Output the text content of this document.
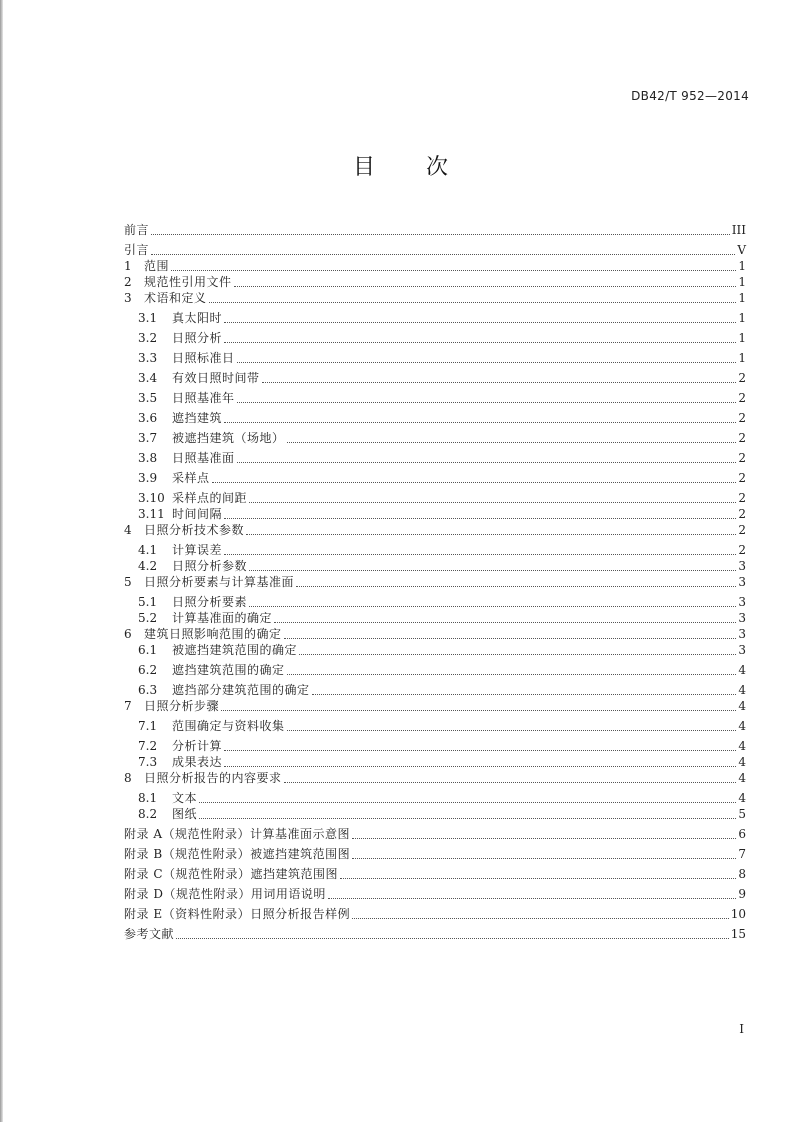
DB42/T 952—2014
目 次
前言	III
引言	V
1	范围	1
2	规范性引用文件	1
3	术语和定义	1
3.1	真太阳时	1
3.2	日照分析	1
3.3	日照标准日	1
3.4	有效日照时间带	2
3.5	日照基准年	2
3.6	遮挡建筑	2
3.7	被遮挡建筑（场地）	2
3.8	日照基准面	2
3.9	采样点	2
3.10 采样点的间距	2
3.11 时间间隔	2
4	日照分析技术参数	2
4.1	计算误差	2
4.2	日照分析参数	3
5	日照分析要素与计算基准面	3
5.1	日照分析要素	3
5.2	计算基准面的确定	3
6	建筑日照影响范围的确定	3
6.1	被遮挡建筑范围的确定	3
6.2	遮挡建筑范围的确定	4
6.3	遮挡部分建筑范围的确定	4
7	日照分析步骤	4
7.1	范围确定与资料收集	4
7.2	分析计算	4
7.3	成果表达	4
8	日照分析报告的内容要求	4
8.1	文本	4
8.2	图纸	5
附录 A（规范性附录）计算基准面示意图	6
附录 B（规范性附录）被遮挡建筑范围图	7
附录 C（规范性附录）遮挡建筑范围图	8
附录 D（规范性附录）用词用语说明	9
附录 E（资料性附录）日照分析报告样例	10
参考文献	15
I
